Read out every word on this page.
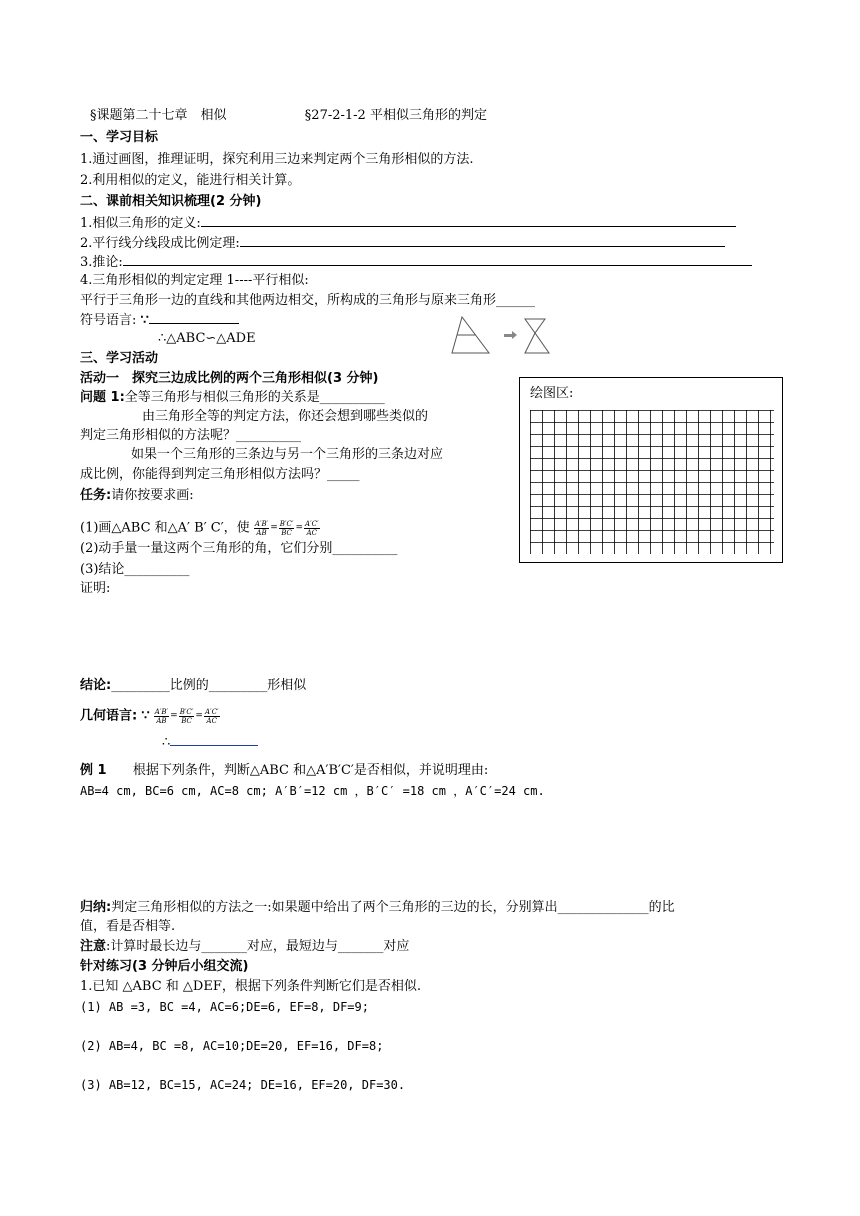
§课题第二十七章　相似	§27-2-1-2 平相似三角形的判定
一、学习目标
1.通过画图，推理证明，探究利用三边来判定两个三角形相似的方法.
2.利用相似的定义，能进行相关计算。
二、课前相关知识梳理(2 分钟)
1.相似三角形的定义:
2.平行线分线段成比例定理:
3.推论:
4.三角形相似的判定定理 1----平行相似:
平行于三角形一边的直线和其他两边相交，所构成的三角形与原来三角形______
符号语言: ∵
∴△ABC∽△ADE
三、学习活动
活动一　探究三边成比例的两个三角形相似(3 分钟)
问题 1:全等三角形与相似三角形的关系是__________
由三角形全等的判定方法，你还会想到哪些类似的
判定三角形相似的方法呢？__________
如果一个三角形的三条边与另一个三角形的三条边对应
成比例，你能得到判定三角形相似方法吗？_____
任务:请你按要求画:
(1)画△ABC 和△A′ B′ C′，使 $\frac{A'B'}{AB} = \frac{B'C'}{BC} = \frac{A'C'}{AC}$
(2)动手量一量这两个三角形的角，它们分别__________
(3)结论__________
证明:
绘图区:
结论:_________比例的_________形相似
几何语言: ∵ $\frac{A'B'}{AB} = \frac{B'C'}{BC} = \frac{A'C'}{AC}$
∴
例 1 根据下列条件，判断△ABC 和△A′B′C′是否相似，并说明理由:
AB=4 cm, BC=6 cm, AC=8 cm; A′B′=12 cm ，B′C′ =18 cm ，A′C′=24 cm.
归纳:判定三角形相似的方法之一:如果题中给出了两个三角形的三边的长，分别算出______________的比
值，看是否相等.
注意:计算时最长边与_______对应，最短边与_______对应
针对练习(3 分钟后小组交流)
1.已知 △ABC 和 △DEF，根据下列条件判断它们是否相似.
(1) AB =3, BC =4, AC=6;DE=6, EF=8, DF=9;
(2) AB=4, BC =8, AC=10;DE=20, EF=16, DF=8;
(3) AB=12, BC=15, AC=24; DE=16, EF=20, DF=30.
